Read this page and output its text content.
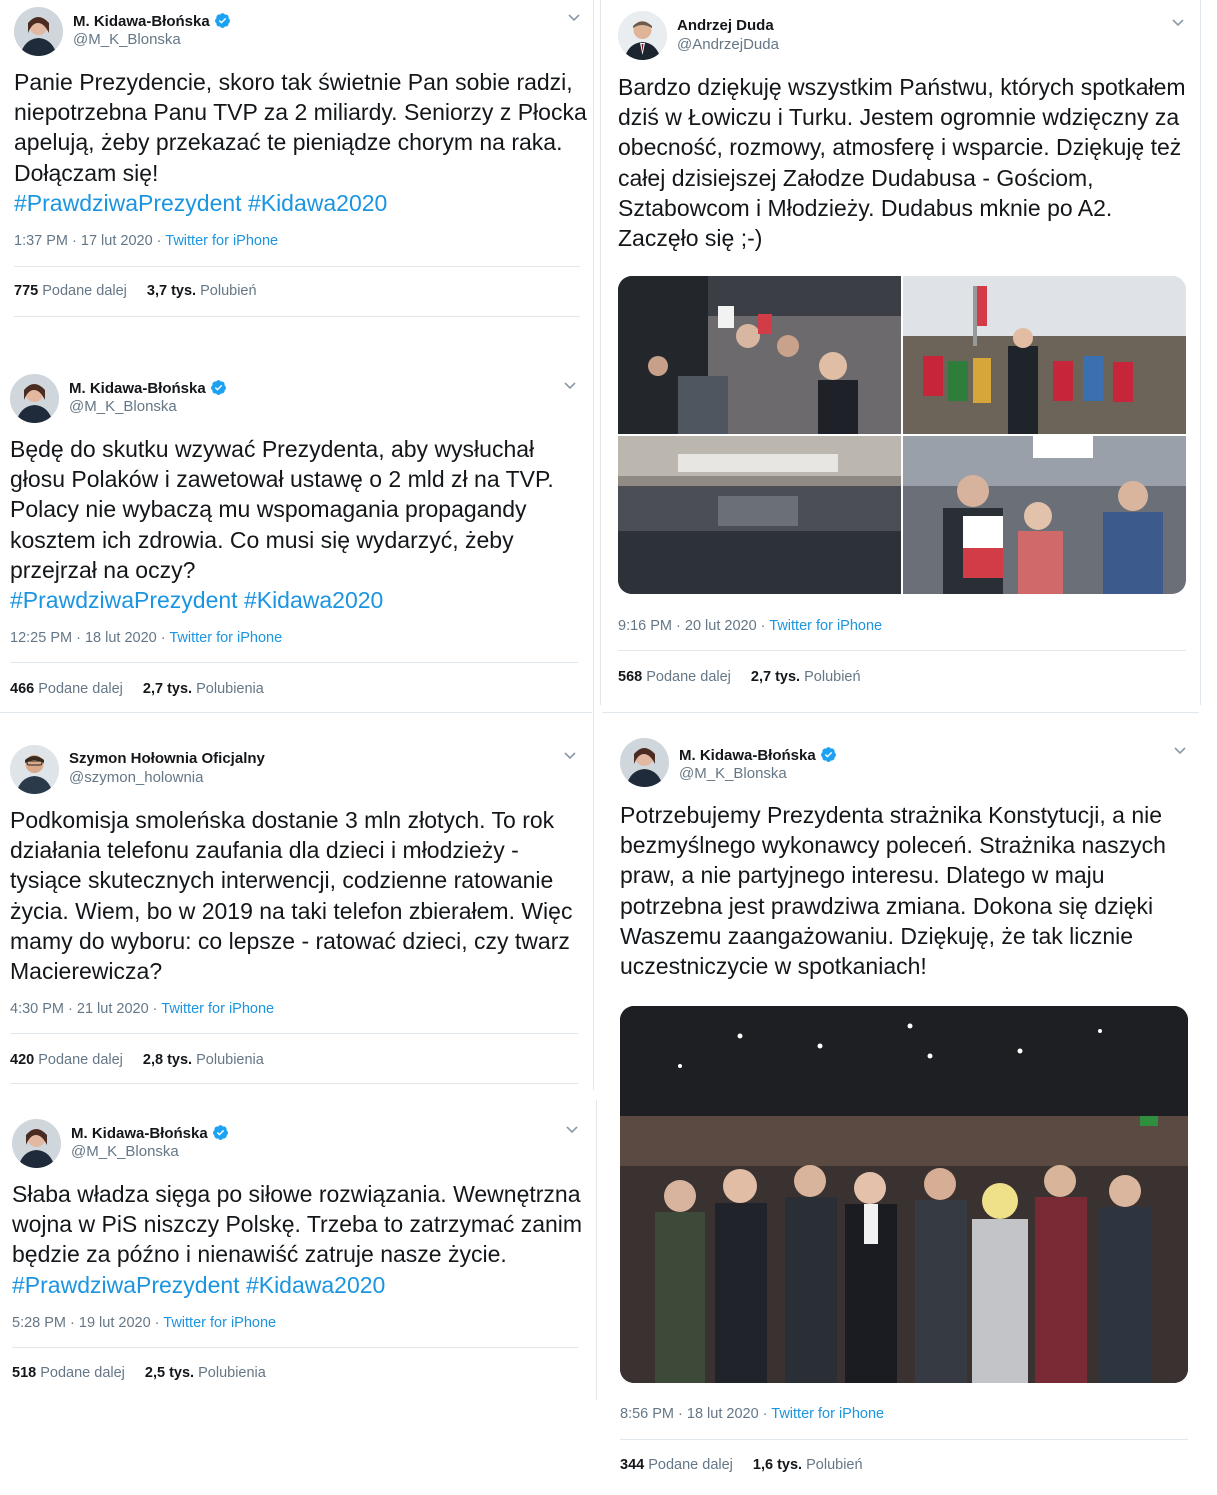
M. Kidawa-Błońska
@M_K_Blonska
Panie Prezydencie, skoro tak świetnie Pan sobie radzi,
niepotrzebna Panu TVP za 2 miliardy. Seniorzy z Płocka
apelują, żeby przekazać te pieniądze chorym na raka.
Dołączam się!
#PrawdziwaPrezydent #Kidawa2020
1:37 PM · 17 lut 2020 · Twitter for iPhone
775 Podane dalej 3,7 tys. Polubień
M. Kidawa-Błońska
@M_K_Blonska
Będę do skutku wzywać Prezydenta, aby wysłuchał
głosu Polaków i zawetował ustawę o 2 mld zł na TVP.
Polacy nie wybaczą mu wspomagania propagandy
kosztem ich zdrowia. Co musi się wydarzyć, żeby
przejrzał na oczy?
#PrawdziwaPrezydent #Kidawa2020
12:25 PM · 18 lut 2020 · Twitter for iPhone
466 Podane dalej 2,7 tys. Polubienia
Szymon Hołownia Oficjalny
@szymon_holownia
Podkomisja smoleńska dostanie 3 mln złotych. To rok
działania telefonu zaufania dla dzieci i młodzieży -
tysiące skutecznych interwencji, codzienne ratowanie
życia. Wiem, bo w 2019 na taki telefon zbierałem. Więc
mamy do wyboru: co lepsze - ratować dzieci, czy twarz
Macierewicza?
4:30 PM · 21 lut 2020 · Twitter for iPhone
420 Podane dalej 2,8 tys. Polubienia
M. Kidawa-Błońska
@M_K_Blonska
Słaba władza sięga po siłowe rozwiązania. Wewnętrzna
wojna w PiS niszczy Polskę. Trzeba to zatrzymać zanim
będzie za późno i nienawiść zatruje nasze życie.
#PrawdziwaPrezydent #Kidawa2020
5:28 PM · 19 lut 2020 · Twitter for iPhone
518 Podane dalej 2,5 tys. Polubienia
Andrzej Duda
@AndrzejDuda
Bardzo dziękuję wszystkim Państwu, których spotkałem
dziś w Łowiczu i Turku. Jestem ogromnie wdzięczny za
obecność, rozmowy, atmosferę i wsparcie. Dziękuję też
całej dzisiejszej Załodze Dudabusa - Gościom,
Sztabowcom i Młodzieży. Dudabus mknie po A2.
Zaczęło się ;-)
9:16 PM · 20 lut 2020 · Twitter for iPhone
568 Podane dalej 2,7 tys. Polubień
M. Kidawa-Błońska
@M_K_Blonska
Potrzebujemy Prezydenta strażnika Konstytucji, a nie
bezmyślnego wykonawcy poleceń. Strażnika naszych
praw, a nie partyjnego interesu. Dlatego w maju
potrzebna jest prawdziwa zmiana. Dokona się dzięki
Waszemu zaangażowaniu. Dziękuję, że tak licznie
uczestniczycie w spotkaniach!
8:56 PM · 18 lut 2020 · Twitter for iPhone
344 Podane dalej 1,6 tys. Polubień
